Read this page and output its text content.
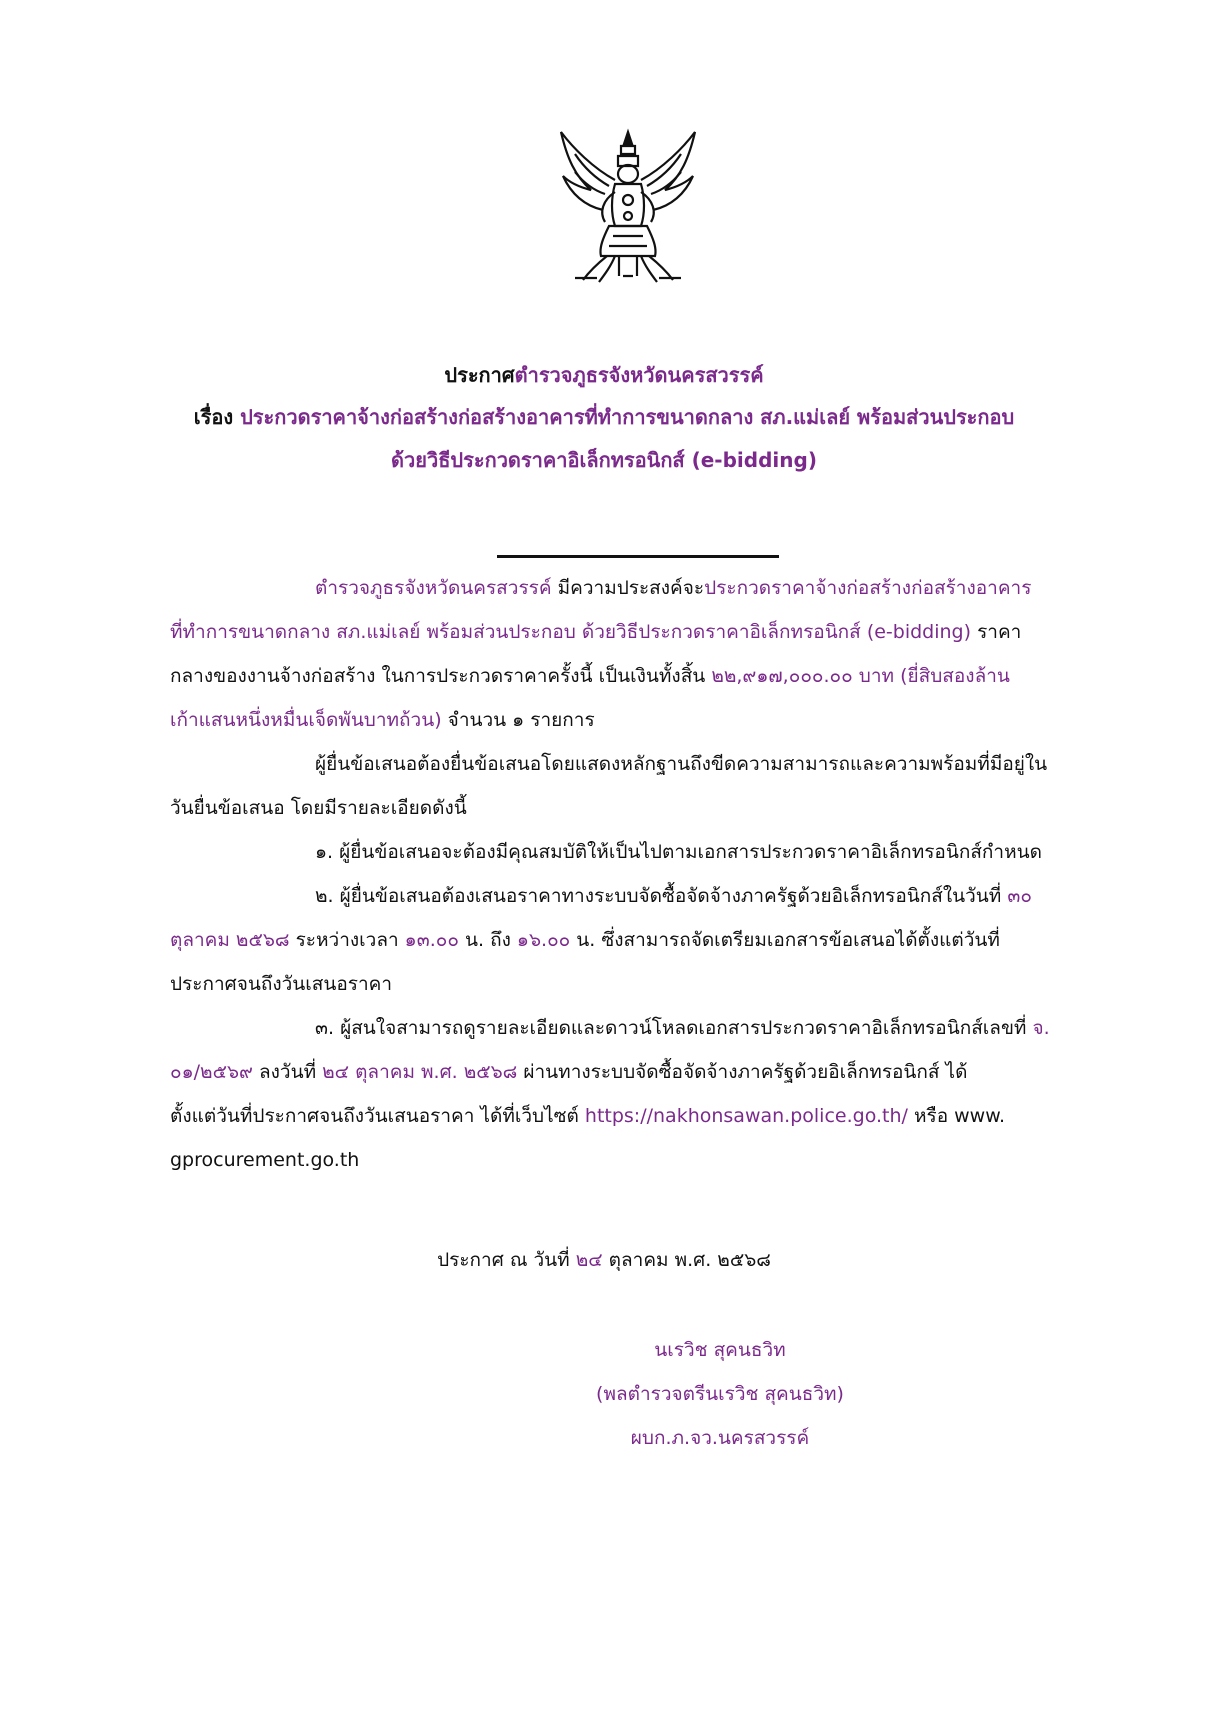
ประกาศตำรวจภูธรจังหวัดนครสวรรค์
เรื่อง ประกวดราคาจ้างก่อสร้างก่อสร้างอาคารที่ทำการขนาดกลาง สภ.แม่เลย์ พร้อมส่วนประกอบ
ด้วยวิธีประกวดราคาอิเล็กทรอนิกส์ (e-bidding)
ตำรวจภูธรจังหวัดนครสวรรค์ มีความประสงค์จะประกวดราคาจ้างก่อสร้างก่อสร้างอาคาร
ที่ทำการขนาดกลาง สภ.แม่เลย์ พร้อมส่วนประกอบ ด้วยวิธีประกวดราคาอิเล็กทรอนิกส์ (e-bidding) ราคา
กลางของงานจ้างก่อสร้าง ในการประกวดราคาครั้งนี้ เป็นเงินทั้งสิ้น ๒๒,๙๑๗,๐๐๐.๐๐ บาท (ยี่สิบสองล้าน
เก้าแสนหนึ่งหมื่นเจ็ดพันบาทถ้วน) จำนวน ๑ รายการ
ผู้ยื่นข้อเสนอต้องยื่นข้อเสนอโดยแสดงหลักฐานถึงขีดความสามารถและความพร้อมที่มีอยู่ใน
วันยื่นข้อเสนอ โดยมีรายละเอียดดังนี้
๑. ผู้ยื่นข้อเสนอจะต้องมีคุณสมบัติให้เป็นไปตามเอกสารประกวดราคาอิเล็กทรอนิกส์กำหนด
๒. ผู้ยื่นข้อเสนอต้องเสนอราคาทางระบบจัดซื้อจัดจ้างภาครัฐด้วยอิเล็กทรอนิกส์ในวันที่ ๓๐
ตุลาคม ๒๕๖๘ ระหว่างเวลา ๑๓.๐๐ น. ถึง ๑๖.๐๐ น. ซึ่งสามารถจัดเตรียมเอกสารข้อเสนอได้ตั้งแต่วันที่
ประกาศจนถึงวันเสนอราคา
๓. ผู้สนใจสามารถดูรายละเอียดและดาวน์โหลดเอกสารประกวดราคาอิเล็กทรอนิกส์เลขที่ จ.
๐๑/๒๕๖๙ ลงวันที่ ๒๔ ตุลาคม พ.ศ. ๒๕๖๘ ผ่านทางระบบจัดซื้อจัดจ้างภาครัฐด้วยอิเล็กทรอนิกส์ ได้
ตั้งแต่วันที่ประกาศจนถึงวันเสนอราคา ได้ที่เว็บไซต์ https://nakhonsawan.police.go.th/ หรือ www.
gprocurement.go.th
ประกาศ ณ วันที่ ๒๔ ตุลาคม พ.ศ. ๒๕๖๘
นเรวิช สุคนธวิท
(พลตำรวจตรีนเรวิช สุคนธวิท)
ผบก.ภ.จว.นครสวรรค์
